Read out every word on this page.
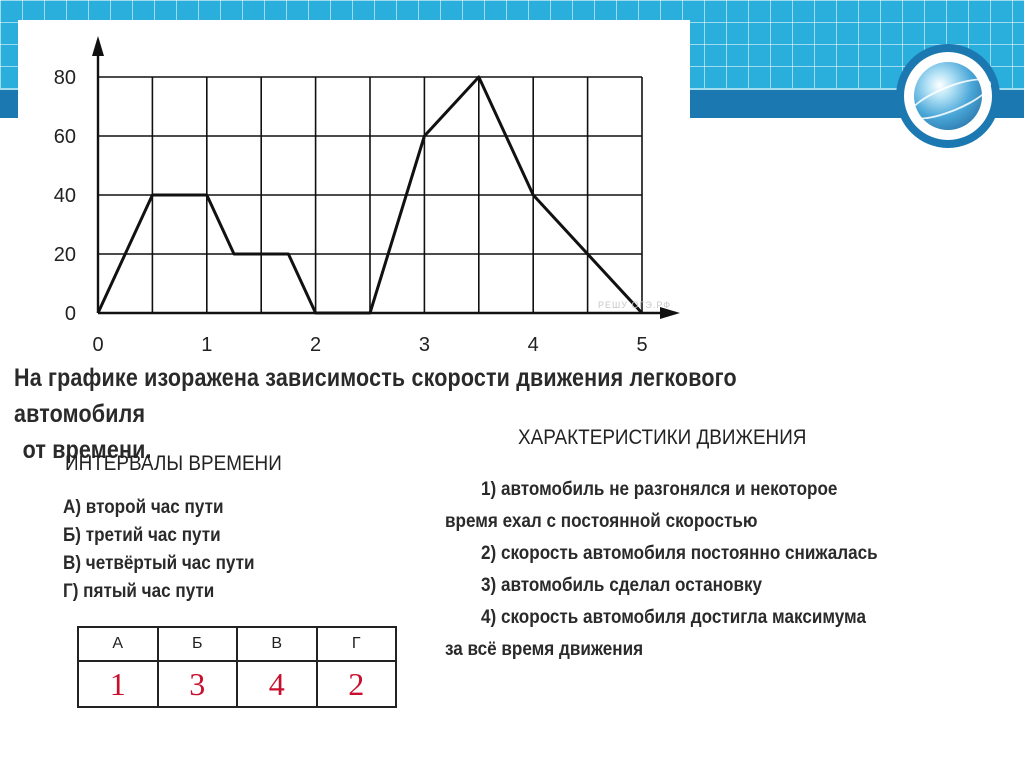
0	1	2	3	4	5
0
20
40
60
80
РЕШУ ОГЭ.РФ
На графике изоражена зависимость скорости движения легкового автомобиля
от времени.
ИНТЕРВАЛЫ ВРЕМЕНИ
ХАРАКТЕРИСТИКИ ДВИЖЕНИЯ
А) второй час пути
Б) третий час пути
В) четвёртый час пути
Г) пятый час пути
1) автомобиль не разгонялся и некоторое
время ехал с постоянной скоростью
2) скорость автомобиля постоянно снижалась
3) автомобиль сделал остановку
4) скорость автомобиля достигла максимума
за всё время движения
А	Б	В	Г
1	3	4	2
